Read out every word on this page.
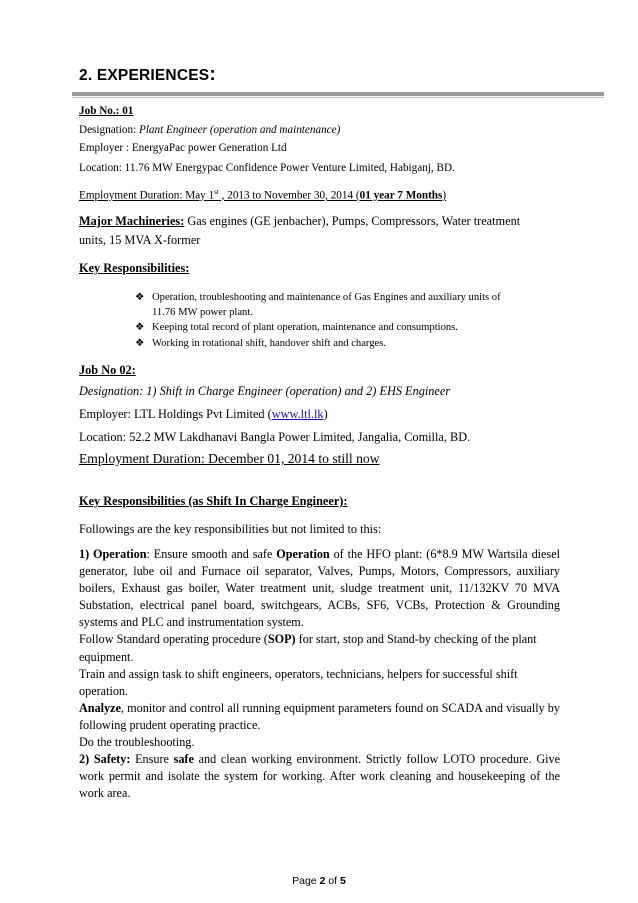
2. EXPERIENCES:
Job No.: 01
Designation: Plant Engineer (operation and maintenance)
Employer : EnergyaPac power Generation Ltd
Location: 11.76 MW Energypac Confidence Power Venture Limited, Habiganj, BD.
Employment Duration: May 1st , 2013 to November 30, 2014 (01 year 7 Months)
Major Machineries: Gas engines (GE jenbacher), Pumps, Compressors, Water treatment
units, 15 MVA X-former
Key Responsibilities:
❖ Operation, troubleshooting and maintenance of Gas Engines and auxiliary units of
11.76 MW power plant.
❖ Keeping total record of plant operation, maintenance and consumptions.
❖ Working in rotational shift, handover shift and charges.
Job No 02:
Designation: 1) Shift in Charge Engineer (operation) and 2) EHS Engineer
Employer: LTL Holdings Pvt Limited (www.ltl.lk)
Location: 52.2 MW Lakdhanavi Bangla Power Limited, Jangalia, Comilla, BD.
Employment Duration: December 01, 2014 to still now
Key Responsibilities (as Shift In Charge Engineer):
Followings are the key responsibilities but not limited to this:

1) Operation: Ensure smooth and safe Operation of the HFO plant: (6*8.9 MW Wartsila diesel generator, lube oil and Furnace oil separator, Valves, Pumps, Motors, Compressors, auxiliary boilers, Exhaust gas boiler, Water treatment unit, sludge treatment unit, 11/132KV 70 MVA Substation, electrical panel board, switchgears, ACBs, SF6, VCBs, Protection & Grounding systems and PLC and instrumentation system.

Follow Standard operating procedure (SOP) for start, stop and Stand-by checking of the plant equipment.

Train and assign task to shift engineers, operators, technicians, helpers for successful shift operation.

Analyze, monitor and control all running equipment parameters found on SCADA and visually by following prudent operating practice.

Do the troubleshooting.

2) Safety: Ensure safe and clean working environment. Strictly follow LOTO procedure. Give work permit and isolate the system for working. After work cleaning and housekeeping of the work area.

Page 2 of 5
